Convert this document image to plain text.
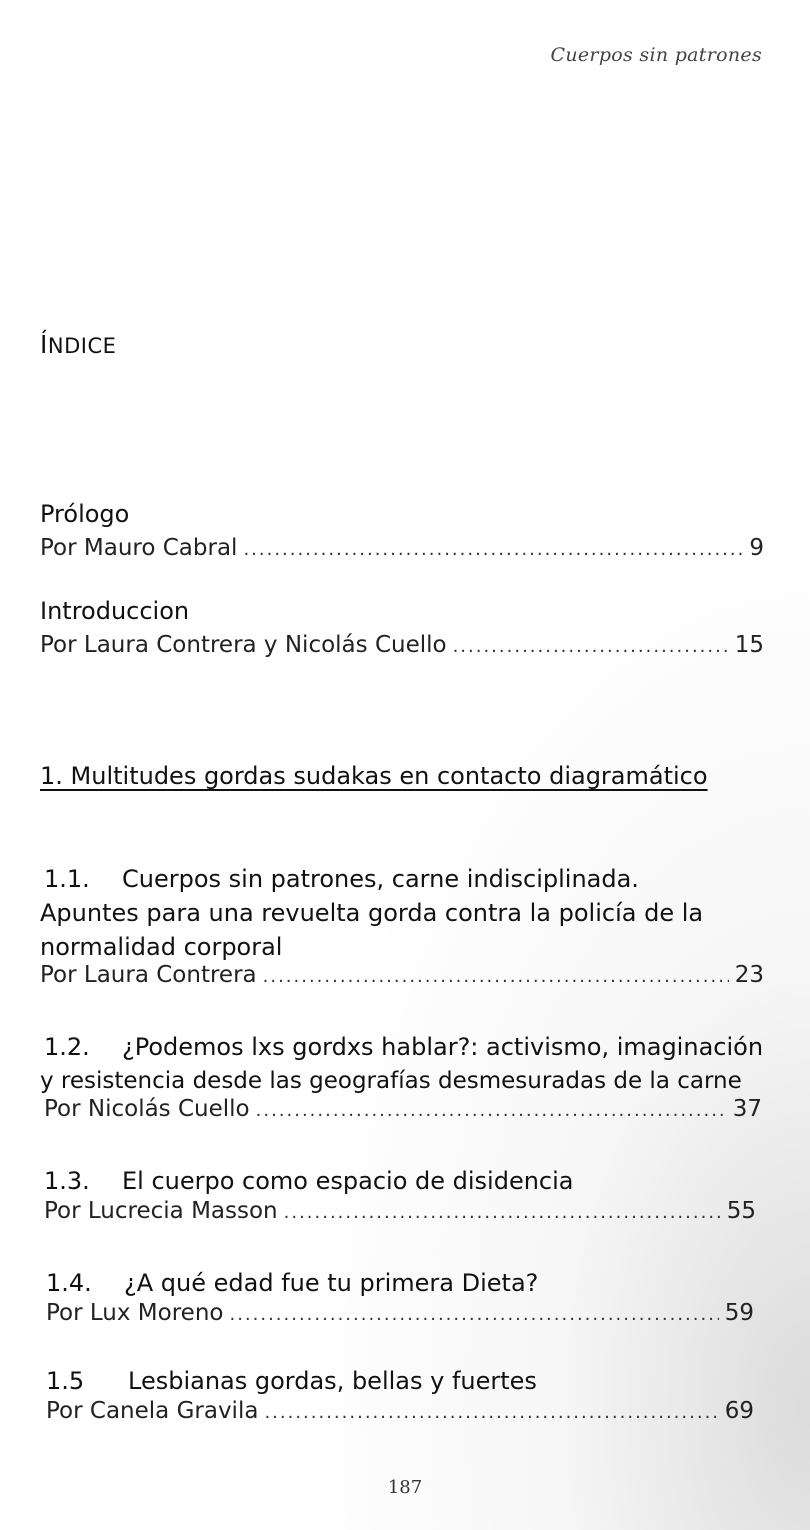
Cuerpos sin patrones
ÍNDICE
Prólogo
Por Mauro Cabral .....	9
Introduccion
Por Laura Contrera y Nicolás Cuello .....	15
1. Multitudes gordas sudakas en contacto diagramático
1.1. Cuerpos sin patrones, carne indisciplinada.
Apuntes para una revuelta gorda contra la policía de la
normalidad corporal
Por Laura Contrera .....	23
1.2. ¿Podemos lxs gordxs hablar?: activismo, imaginación
y resistencia desde las geografías desmesuradas de la carne
Por Nicolás Cuello .....	37
1.3. El cuerpo como espacio de disidencia
Por Lucrecia Masson .....	55
1.4. ¿A qué edad fue tu primera Dieta?
Por Lux Moreno .....	59
1.5 Lesbianas gordas, bellas y fuertes
Por Canela Gravila .....	69
187
